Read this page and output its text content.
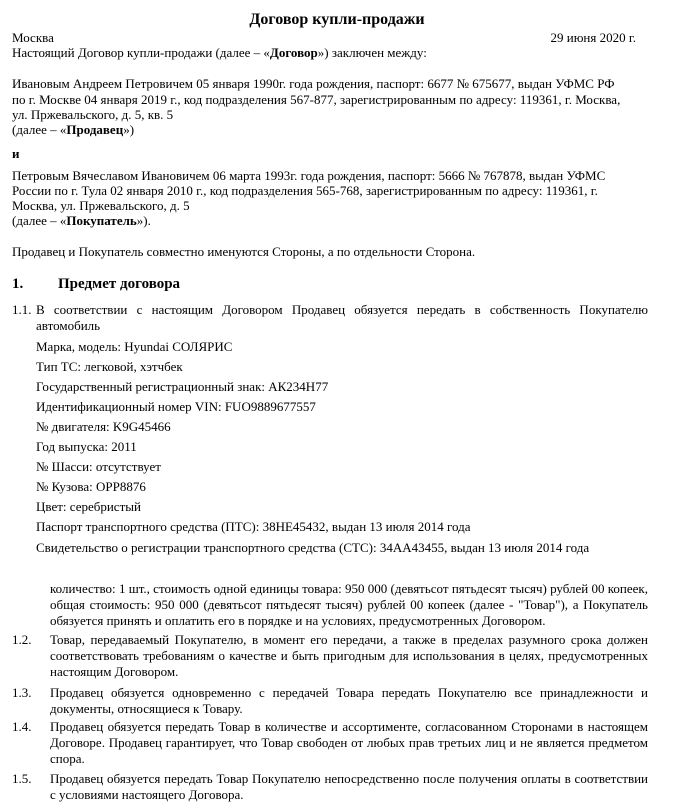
Договор купли-продажи
Москва	29 июня 2020 г.
Настоящий Договор купли-продажи (далее – «Договор») заключен между:
Ивановым Андреем Петровичем 05 января 1990г. года рождения, паспорт: 6677 № 675677, выдан УФМС РФ
по г. Москве 04 января 2019 г., код подразделения 567-877, зарегистрированным по адресу: 119361, г. Москва,
ул. Пржевальского, д. 5, кв. 5
(далее – «Продавец»)
и
Петровым Вячеславом Ивановичем 06 марта 1993г. года рождения, паспорт: 5666 № 767878, выдан УФМС
России по г. Тула 02 января 2010 г., код подразделения 565-768, зарегистрированным по адресу: 119361, г.
Москва, ул. Пржевальского, д. 5
(далее – «Покупатель»).
Продавец и Покупатель совместно именуются Стороны, а по отдельности Сторона.
1. Предмет договора
1.1. В соответствии с настоящим Договором Продавец обязуется передать в собственность Покупателю автомобиль
Марка, модель: Hyundai СОЛЯРИС
Тип ТС: легковой, хэтчбек
Государственный регистрационный знак: АК234Н77
Идентификационный номер VIN: FUO9889677557
№ двигателя: K9G45466
Год выпуска: 2011
№ Шасси: отсутствует
№ Кузова: OPP8876
Цвет: серебристый
Паспорт транспортного средства (ПТС): 38НЕ45432, выдан 13 июля 2014 года
Свидетельство о регистрации транспортного средства (СТС): 34АА43455, выдан 13 июля 2014 года
количество: 1 шт., стоимость одной единицы товара: 950 000 (девятьсот пятьдесят тысяч) рублей 00 копеек, общая стоимость: 950 000 (девятьсот пятьдесят тысяч) рублей 00 копеек (далее - "Товар"), а Покупатель обязуется принять и оплатить его в порядке и на условиях, предусмотренных Договором.
1.2. Товар, передаваемый Покупателю, в момент его передачи, а также в пределах разумного срока должен соответствовать требованиям о качестве и быть пригодным для использования в целях, предусмотренных настоящим Договором.
1.3. Продавец обязуется одновременно с передачей Товара передать Покупателю все принадлежности и документы, относящиеся к Товару.
1.4. Продавец обязуется передать Товар в количестве и ассортименте, согласованном Сторонами в настоящем Договоре. Продавец гарантирует, что Товар свободен от любых прав третьих лиц и не является предметом спора.
1.5. Продавец обязуется передать Товар Покупателю непосредственно после получения оплаты в соответствии с условиями настоящего Договора.
